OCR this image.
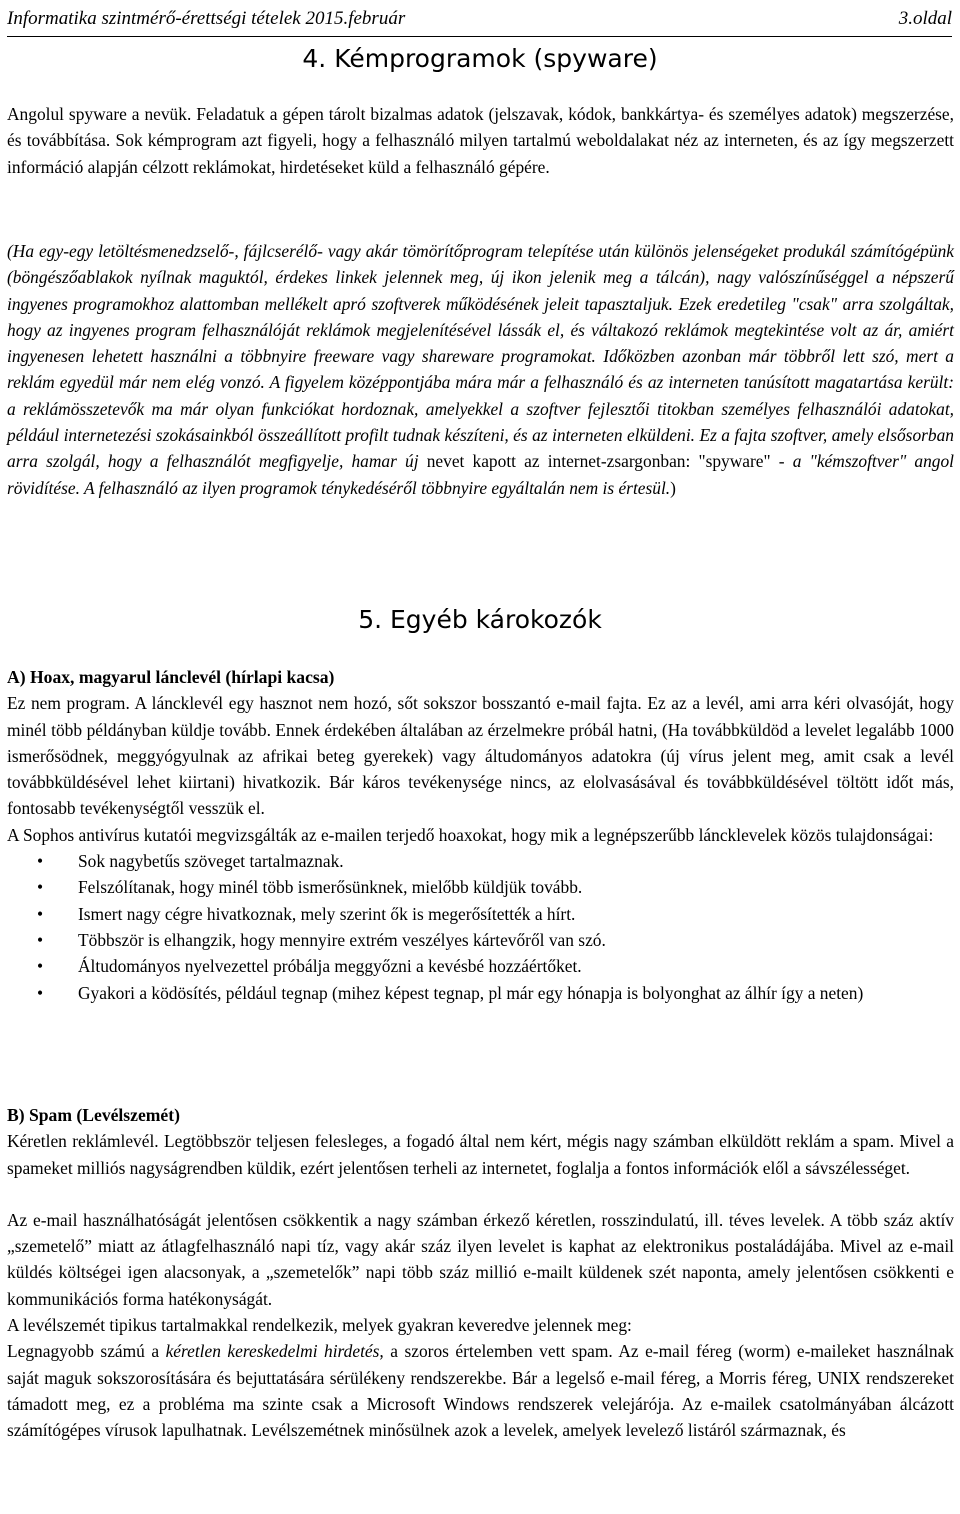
Informatika szintmérő-érettségi tételek 2015.február	3.oldal
4. Kémprogramok (spyware)

Angolul spyware a nevük. Feladatuk a gépen tárolt bizalmas adatok (jelszavak, kódok, bankkártya- és személyes adatok) megszerzése, és továbbítása. Sok kémprogram azt figyeli, hogy a felhasználó milyen tartalmú weboldalakat néz az interneten, és az így megszerzett információ alapján célzott reklámokat, hirdetéseket küld a felhasználó gépére.

(Ha egy-egy letöltésmenedzselő-, fájlcserélő- vagy akár tömörítőprogram telepítése után különös jelenségeket produkál számítógépünk (böngészőablakok nyílnak maguktól, érdekes linkek jelennek meg, új ikon jelenik meg a tálcán), nagy valószínűséggel a népszerű ingyenes programokhoz alattomban mellékelt apró szoftverek működésének jeleit tapasztaljuk. Ezek eredetileg "csak" arra szolgáltak, hogy az ingyenes program felhasználóját reklámok megjelenítésével lássák el, és váltakozó reklámok megtekintése volt az ár, amiért ingyenesen lehetett használni a többnyire freeware vagy shareware programokat. Időközben azonban már többről lett szó, mert a reklám egyedül már nem elég vonzó. A figyelem középpontjába mára már a felhasználó és az interneten tanúsított magatartása került: a reklámösszetevők ma már olyan funkciókat hordoznak, amelyekkel a szoftver fejlesztői titokban személyes felhasználói adatokat, például internetezési szokásainkból összeállított profilt tudnak készíteni, és az interneten elküldeni. Ez a fajta szoftver, amely elsősorban arra szolgál, hogy a felhasználót megfigyelje, hamar új nevet kapott az internet-zsargonban: "spyware" - a "kémszoftver" angol rövidítése. A felhasználó az ilyen programok ténykedéséről többnyire egyáltalán nem is értesül.)

5. Egyéb károkozók

A) Hoax, magyarul lánclevél (hírlapi kacsa)

Ez nem program. A láncklevél egy hasznot nem hozó, sőt sokszor bosszantó e-mail fajta. Ez az a levél, ami arra kéri olvasóját, hogy minél több példányban küldje tovább. Ennek érdekében általában az érzelmekre próbál hatni, (Ha továbbküldöd a levelet legalább 1000 ismerősödnek, meggyógyulnak az afrikai beteg gyerekek) vagy áltudományos adatokra (új vírus jelent meg, amit csak a levél továbbküldésével lehet kiirtani) hivatkozik. Bár káros tevékenysége nincs, az elolvasásával és továbbküldésével töltött időt más, fontosabb tevékenységtől vesszük el.

A Sophos antivírus kutatói megvizsgálták az e-mailen terjedő hoaxokat, hogy mik a legnépszerűbb láncklevelek közös tulajdonságai:

• Sok nagybetűs szöveget tartalmaznak.
• Felszólítanak, hogy minél több ismerősünknek, mielőbb küldjük tovább.
• Ismert nagy cégre hivatkoznak, mely szerint ők is megerősítették a hírt.
• Többször is elhangzik, hogy mennyire extrém veszélyes kártevőről van szó.
• Áltudományos nyelvezettel próbálja meggyőzni a kevésbé hozzáértőket.
• Gyakori a ködösítés, például tegnap (mihez képest tegnap, pl már egy hónapja is bolyonghat az álhír így a neten)

B) Spam (Levélszemét)

Kéretlen reklámlevél. Legtöbbször teljesen felesleges, a fogadó által nem kért, mégis nagy számban elküldött reklám a spam. Mivel a spameket milliós nagyságrendben küldik, ezért jelentősen terheli az internetet, foglalja a fontos információk elől a sávszélességet.

Az e-mail használhatóságát jelentősen csökkentik a nagy számban érkező kéretlen, rosszindulatú, ill. téves levelek. A több száz aktív „szemetelő” miatt az átlagfelhasználó napi tíz, vagy akár száz ilyen levelet is kaphat az elektronikus postaládájába. Mivel az e-mail küldés költségei igen alacsonyak, a „szemetelők” napi több száz millió e-mailt küldenek szét naponta, amely jelentősen csökkenti e kommunikációs forma hatékonyságát.

A levélszemét tipikus tartalmakkal rendelkezik, melyek gyakran keveredve jelennek meg:

Legnagyobb számú a kéretlen kereskedelmi hirdetés, a szoros értelemben vett spam. Az e-mail féreg (worm) e-maileket használnak saját maguk sokszorosítására és bejuttatására sérülékeny rendszerekbe. Bár a legelső e-mail féreg, a Morris féreg, UNIX rendszereket támadott meg, ez a probléma ma szinte csak a Microsoft Windows rendszerek velejárója. Az e-mailek csatolmányában álcázott számítógépes vírusok lapulhatnak. Levélszemétnek minősülnek azok a levelek, amelyek levelező listáról származnak, és
